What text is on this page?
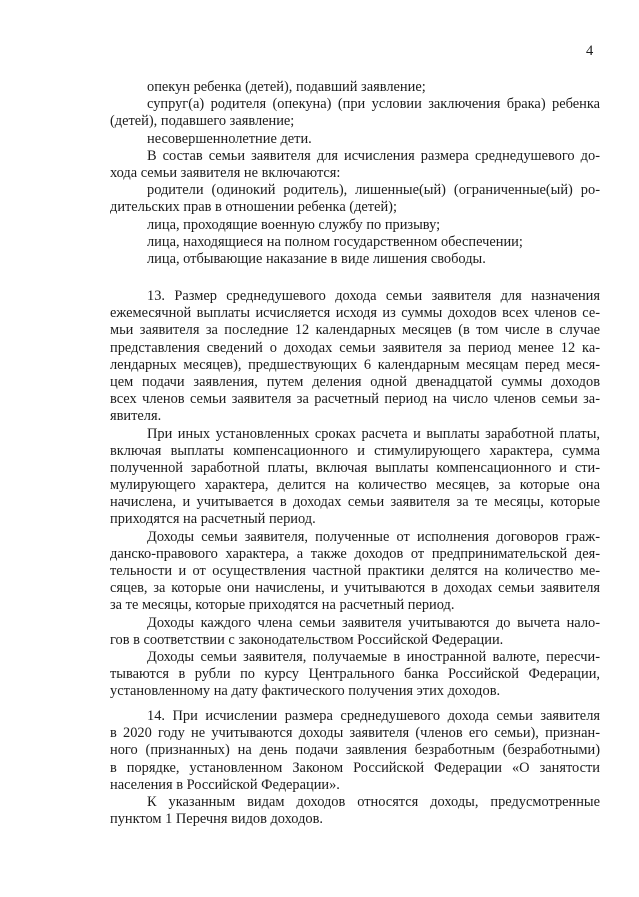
4
опекун ребенка (детей), подавший заявление;
супруг(а) родителя (опекуна) (при условии заключения брака) ребенка
(детей), подавшего заявление;
несовершеннолетние дети.
В состав семьи заявителя для исчисления размера среднедушевого до-
хода семьи заявителя не включаются:
родители (одинокий родитель), лишенные(ый) (ограниченные(ый) ро-
дительских прав в отношении ребенка (детей);
лица, проходящие военную службу по призыву;
лица, находящиеся на полном государственном обеспечении;
лица, отбывающие наказание в виде лишения свободы.
13. Размер среднедушевого дохода семьи заявителя для назначения
ежемесячной выплаты исчисляется исходя из суммы доходов всех членов се-
мьи заявителя за последние 12 календарных месяцев (в том числе в случае
представления сведений о доходах семьи заявителя за период менее 12 ка-
лендарных месяцев), предшествующих 6 календарным месяцам перед меся-
цем подачи заявления, путем деления одной двенадцатой суммы доходов
всех членов семьи заявителя за расчетный период на число членов семьи за-
явителя.
При иных установленных сроках расчета и выплаты заработной платы,
включая выплаты компенсационного и стимулирующего характера, сумма
полученной заработной платы, включая выплаты компенсационного и сти-
мулирующего характера, делится на количество месяцев, за которые она
начислена, и учитывается в доходах семьи заявителя за те месяцы, которые
приходятся на расчетный период.
Доходы семьи заявителя, полученные от исполнения договоров граж-
данско-правового характера, а также доходов от предпринимательской дея-
тельности и от осуществления частной практики делятся на количество ме-
сяцев, за которые они начислены, и учитываются в доходах семьи заявителя
за те месяцы, которые приходятся на расчетный период.
Доходы каждого члена семьи заявителя учитываются до вычета нало-
гов в соответствии с законодательством Российской Федерации.
Доходы семьи заявителя, получаемые в иностранной валюте, пересчи-
тываются в рубли по курсу Центрального банка Российской Федерации,
установленному на дату фактического получения этих доходов.
14. При исчислении размера среднедушевого дохода семьи заявителя
в 2020 году не учитываются доходы заявителя (членов его семьи), признан-
ного (признанных) на день подачи заявления безработным (безработными)
в порядке, установленном Законом Российской Федерации «О занятости
населения в Российской Федерации».
К указанным видам доходов относятся доходы, предусмотренные
пунктом 1 Перечня видов доходов.
